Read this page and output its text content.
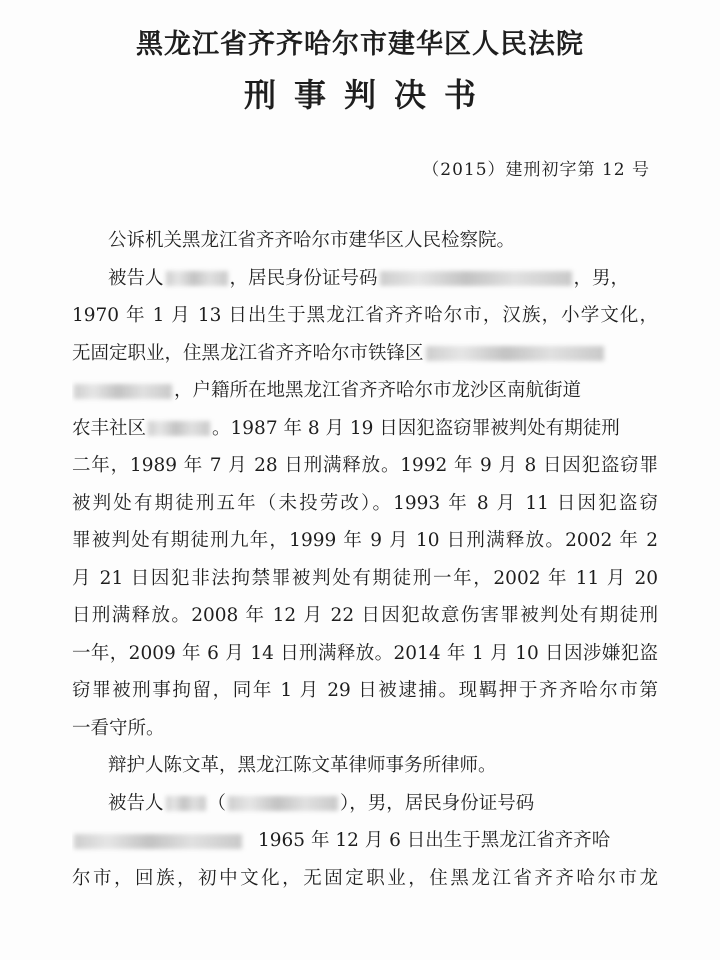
黑龙江省齐齐哈尔市建华区人民法院
刑事判决书
（2015）建刑初字第 12 号
公诉机关黑龙江省齐齐哈尔市建华区人民检察院。
被告人	，居民身份证号码	，男，
1970 年 1 月 13 日出生于黑龙江省齐齐哈尔市，汉族，小学文化，
无固定职业，住黑龙江省齐齐哈尔市铁锋区
，户籍所在地黑龙江省齐齐哈尔市龙沙区南航街道
农丰社区	。1987 年 8 月 19 日因犯盗窃罪被判处有期徒刑
二年，1989 年 7 月 28 日刑满释放。1992 年 9 月 8 日因犯盗窃罪
被判处有期徒刑五年（未投劳改）。1993 年 8 月 11 日因犯盗窃
罪被判处有期徒刑九年，1999 年 9 月 10 日刑满释放。2002 年 2
月 21 日因犯非法拘禁罪被判处有期徒刑一年，2002 年 11 月 20
日刑满释放。2008 年 12 月 22 日因犯故意伤害罪被判处有期徒刑
一年，2009 年 6 月 14 日刑满释放。2014 年 1 月 10 日因涉嫌犯盗
窃罪被刑事拘留，同年 1 月 29 日被逮捕。现羁押于齐齐哈尔市第
一看守所。
辩护人陈文革，黑龙江陈文革律师事务所律师。
被告人 （	），男，居民身份证号码
1965 年 12 月 6 日出生于黑龙江省齐齐哈
尔市，回族，初中文化，无固定职业，住黑龙江省齐齐哈尔市龙
